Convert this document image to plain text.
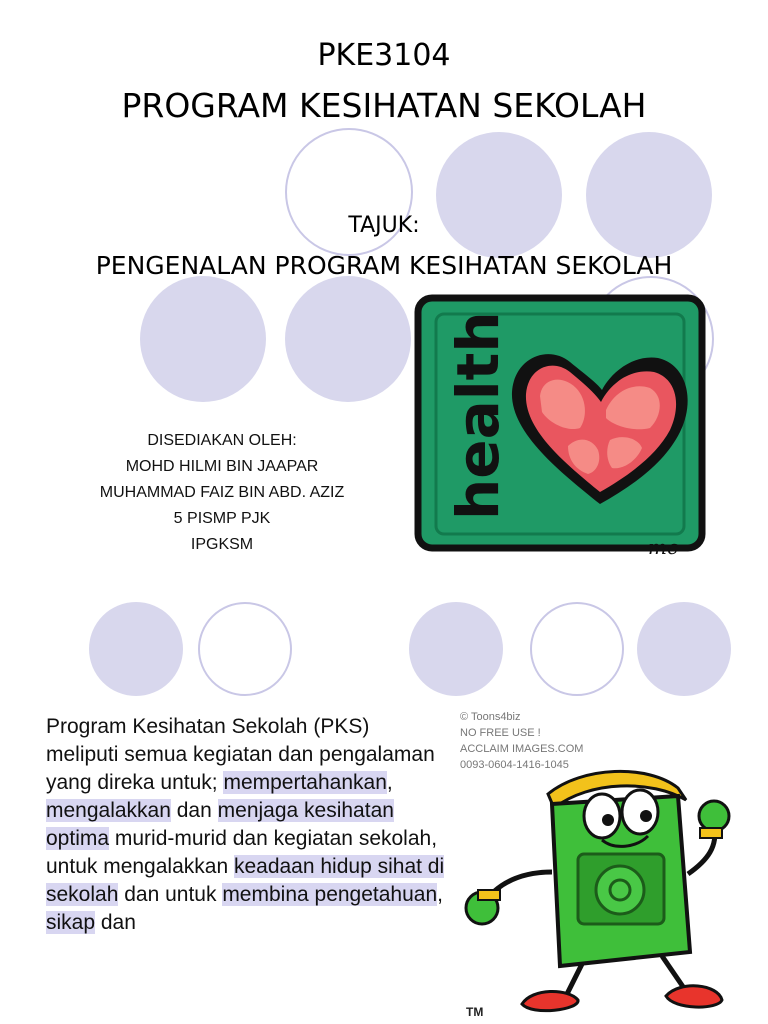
PKE3104
PROGRAM KESIHATAN SEKOLAH
TAJUK:
PENGENALAN PROGRAM KESIHATAN SEKOLAH
DISEDIAKAN OLEH:
MOHD HILMI BIN JAAPAR
MUHAMMAD FAIZ BIN ABD. AZIZ
5 PISMP PJK
IPGKSM
health
mc

Program Kesihatan Sekolah (PKS) meliputi semua kegiatan dan pengalaman yang direka untuk; mempertahankan, mengalakkan dan menjaga kesihatan optima murid-murid dan kegiatan sekolah, untuk mengalakkan keadaan hidup sihat di sekolah dan untuk membina pengetahuan, sikap dan

© Toons4biz
NO FREE USE !
ACCLAIM IMAGES.COM
0093-0604-1416-1045
TM
